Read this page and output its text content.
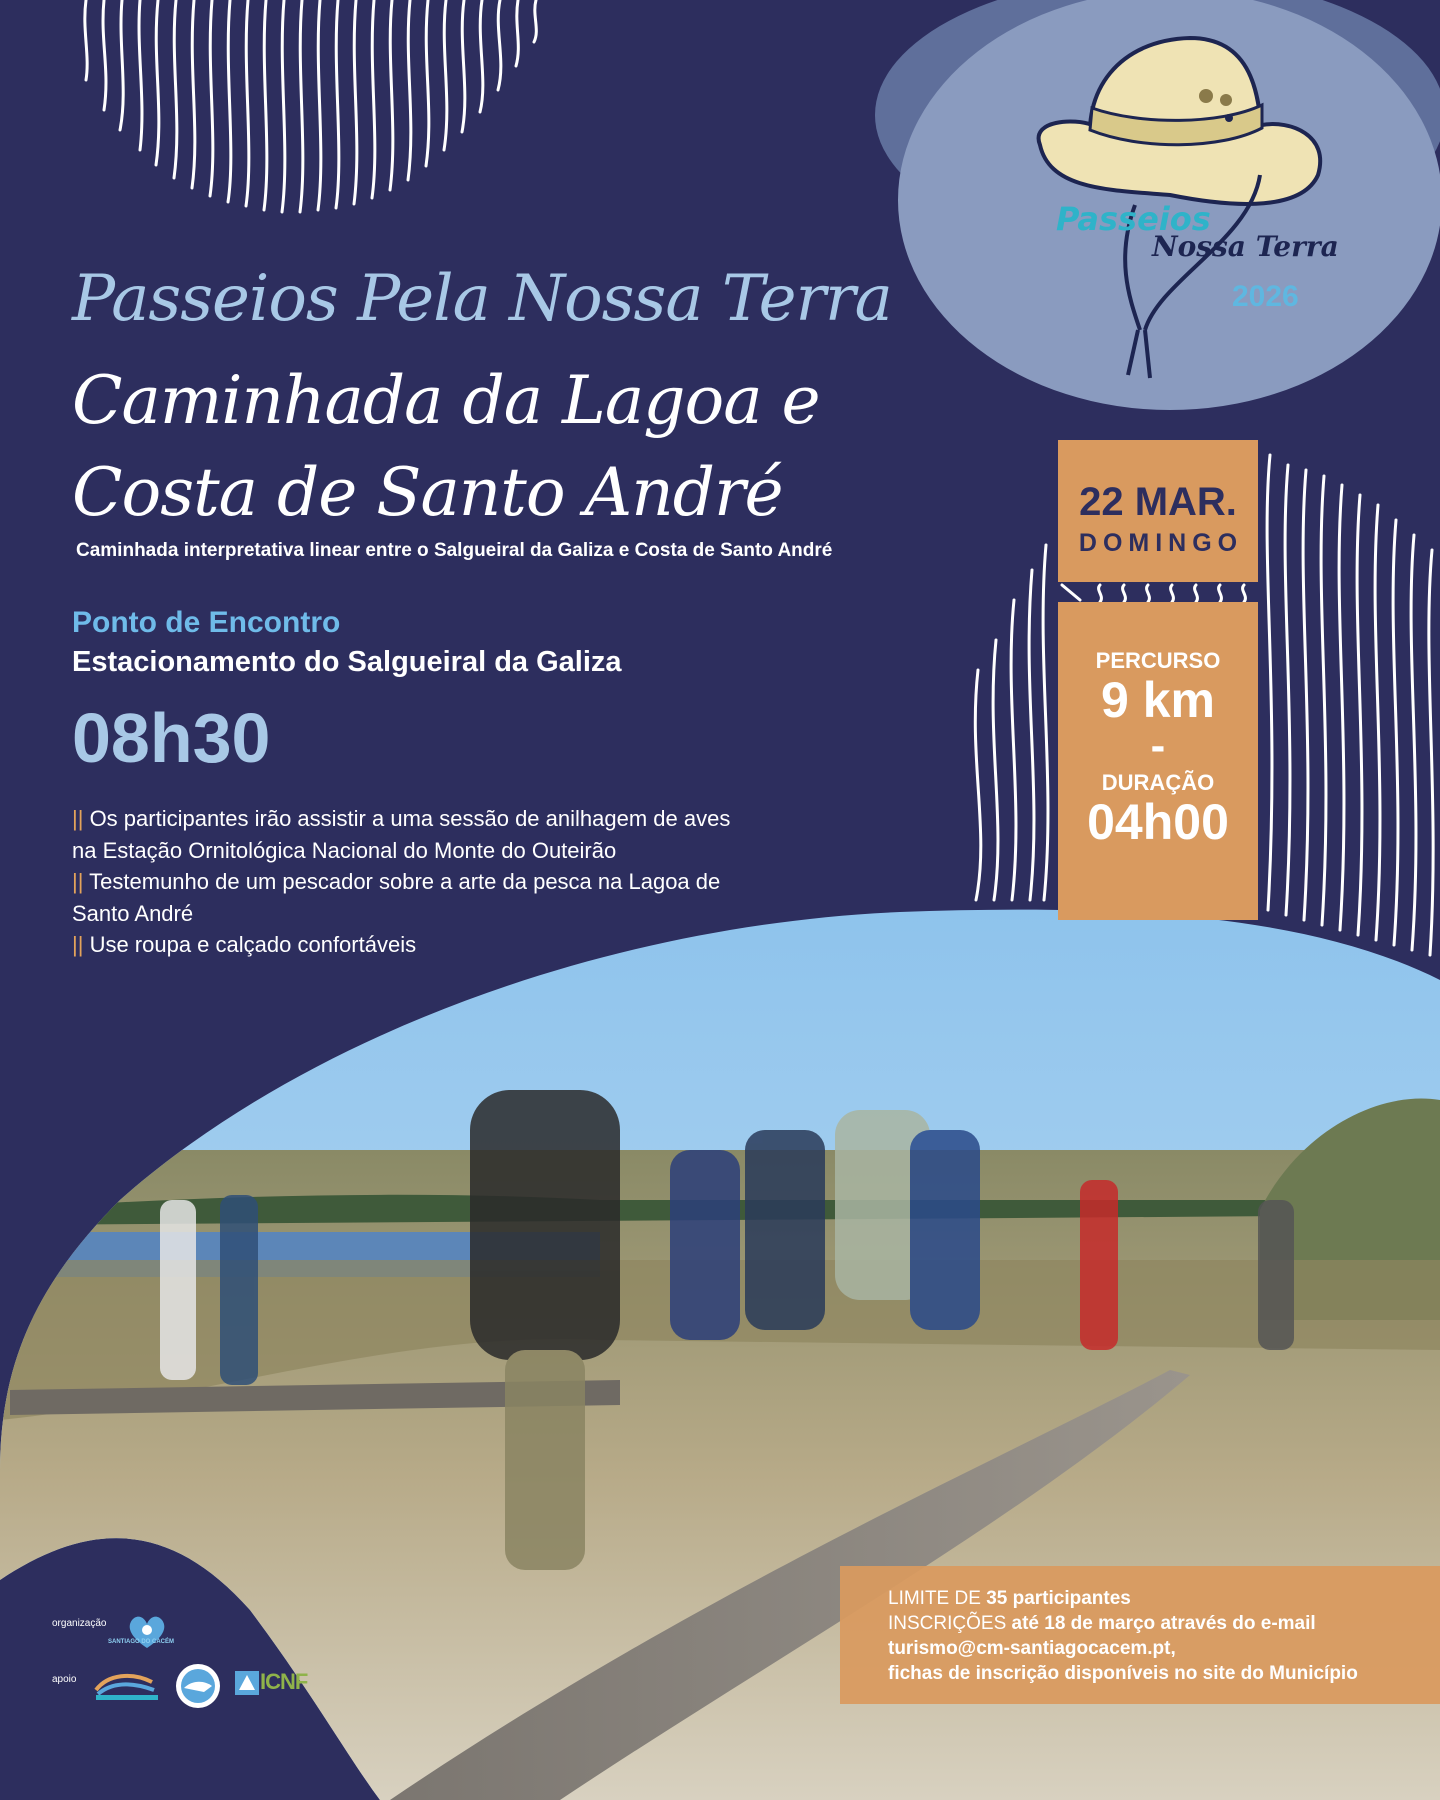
Passeios
Nossa Terra
2026
Passeios Pela Nossa Terra
Caminhada da Lagoa e
Costa de Santo André
Caminhada interpretativa linear entre o Salgueiral da Galiza e Costa de Santo André
Ponto de Encontro
Estacionamento do Salgueiral da Galiza
08h30
|| Os participantes irão assistir a uma sessão de anilhagem de aves
na Estação Ornitológica Nacional do Monte do Outeirão
|| Testemunho de um pescador sobre a arte da pesca na Lagoa de
Santo André
|| Use roupa e calçado confortáveis
22 MAR.
DOMINGO
PERCURSO
9 km
-
DURAÇÃO
04h00
LIMITE DE 35 participantes
INSCRIÇÕES até 18 de março através do e-mail
turismo@cm-santiagocacem.pt,
fichas de inscrição disponíveis no site do Município
organização
SANTIAGO DO CACÉM
apoio	ICNF
